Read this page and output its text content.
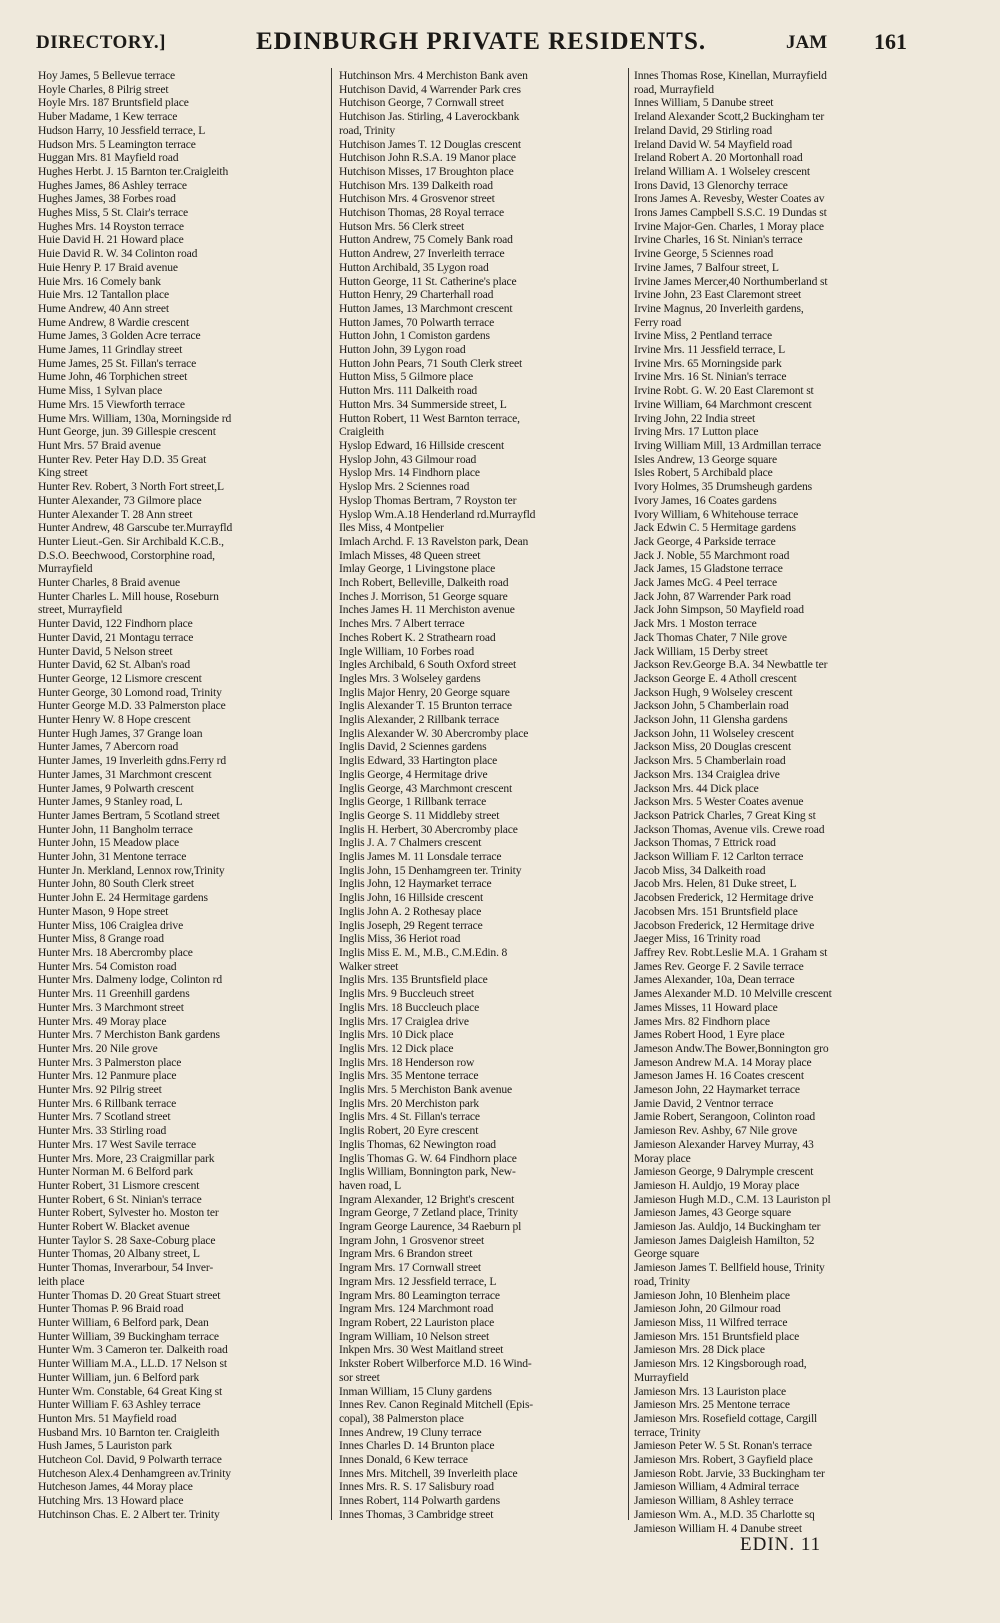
DIRECTORY.]	EDINBURGH PRIVATE RESIDENTS.	JAM 161
Hoy James, 5 Bellevue terrace
Hoyle Charles, 8 Pilrig street
Hoyle Mrs. 187 Bruntsfield place
Huber Madame, 1 Kew terrace
Hudson Harry, 10 Jessfield terrace, L
Hudson Mrs. 5 Leamington terrace
Huggan Mrs. 81 Mayfield road
Hughes Herbt. J. 15 Barnton ter.Craigleith
Hughes James, 86 Ashley terrace
Hughes James, 38 Forbes road
Hughes Miss, 5 St. Clair's terrace
Hughes Mrs. 14 Royston terrace
Huie David H. 21 Howard place
Huie David R. W. 34 Colinton road
Huie Henry P. 17 Braid avenue
Huie Mrs. 16 Comely bank
Huie Mrs. 12 Tantallon place
Hume Andrew, 40 Ann street
Hume Andrew, 8 Wardie crescent
Hume James, 3 Golden Acre terrace
Hume James, 11 Grindlay street
Hume James, 25 St. Fillan's terrace
Hume John, 46 Torphichen street
Hume Miss, 1 Sylvan place
Hume Mrs. 15 Viewforth terrace
Hume Mrs. William, 130a, Morningside rd
Hunt George, jun. 39 Gillespie crescent
Hunt Mrs. 57 Braid avenue
Hunter Rev. Peter Hay D.D. 35 Great
King street
Hunter Rev. Robert, 3 North Fort street,L
Hunter Alexander, 73 Gilmore place
Hunter Alexander T. 28 Ann street
Hunter Andrew, 48 Garscube ter.Murrayfld
Hunter Lieut.-Gen. Sir Archibald K.C.B.,
D.S.O. Beechwood, Corstorphine road,
Murrayfield
Hunter Charles, 8 Braid avenue
Hunter Charles L. Mill house, Roseburn
street, Murrayfield
Hunter David, 122 Findhorn place
Hunter David, 21 Montagu terrace
Hunter David, 5 Nelson street
Hunter David, 62 St. Alban's road
Hunter George, 12 Lismore crescent
Hunter George, 30 Lomond road, Trinity
Hunter George M.D. 33 Palmerston place
Hunter Henry W. 8 Hope crescent
Hunter Hugh James, 37 Grange loan
Hunter James, 7 Abercorn road
Hunter James, 19 Inverleith gdns.Ferry rd
Hunter James, 31 Marchmont crescent
Hunter James, 9 Polwarth crescent
Hunter James, 9 Stanley road, L
Hunter James Bertram, 5 Scotland street
Hunter John, 11 Bangholm terrace
Hunter John, 15 Meadow place
Hunter John, 31 Mentone terrace
Hunter Jn. Merkland, Lennox row,Trinity
Hunter John, 80 South Clerk street
Hunter John E. 24 Hermitage gardens
Hunter Mason, 9 Hope street
Hunter Miss, 106 Craiglea drive
Hunter Miss, 8 Grange road
Hunter Mrs. 18 Abercromby place
Hunter Mrs. 54 Comiston road
Hunter Mrs. Dalmeny lodge, Colinton rd
Hunter Mrs. 11 Greenhill gardens
Hunter Mrs. 3 Marchmont street
Hunter Mrs. 49 Moray place
Hunter Mrs. 7 Merchiston Bank gardens
Hunter Mrs. 20 Nile grove
Hunter Mrs. 3 Palmerston place
Hunter Mrs. 12 Panmure place
Hunter Mrs. 92 Pilrig street
Hunter Mrs. 6 Rillbank terrace
Hunter Mrs. 7 Scotland street
Hunter Mrs. 33 Stirling road
Hunter Mrs. 17 West Savile terrace
Hunter Mrs. More, 23 Craigmillar park
Hunter Norman M. 6 Belford park
Hunter Robert, 31 Lismore crescent
Hunter Robert, 6 St. Ninian's terrace
Hunter Robert, Sylvester ho. Moston ter
Hunter Robert W. Blacket avenue
Hunter Taylor S. 28 Saxe-Coburg place
Hunter Thomas, 20 Albany street, L
Hunter Thomas, Inverarbour, 54 Inver-
leith place
Hunter Thomas D. 20 Great Stuart street
Hunter Thomas P. 96 Braid road
Hunter William, 6 Belford park, Dean
Hunter William, 39 Buckingham terrace
Hunter Wm. 3 Cameron ter. Dalkeith road
Hunter William M.A., LL.D. 17 Nelson st
Hunter William, jun. 6 Belford park
Hunter Wm. Constable, 64 Great King st
Hunter William F. 63 Ashley terrace
Hunton Mrs. 51 Mayfield road
Husband Mrs. 10 Barnton ter. Craigleith
Hush James, 5 Lauriston park
Hutcheon Col. David, 9 Polwarth terrace
Hutcheson Alex.4 Denhamgreen av.Trinity
Hutcheson James, 44 Moray place
Hutching Mrs. 13 Howard place
Hutchinson Chas. E. 2 Albert ter. Trinity
Hutchinson Mrs. 4 Merchiston Bank aven
Hutchison David, 4 Warrender Park cres
Hutchison George, 7 Cornwall street
Hutchison Jas. Stirling, 4 Laverockbank
road, Trinity
Hutchison James T. 12 Douglas crescent
Hutchison John R.S.A. 19 Manor place
Hutchison Misses, 17 Broughton place
Hutchison Mrs. 139 Dalkeith road
Hutchison Mrs. 4 Grosvenor street
Hutchison Thomas, 28 Royal terrace
Hutson Mrs. 56 Clerk street
Hutton Andrew, 75 Comely Bank road
Hutton Andrew, 27 Inverleith terrace
Hutton Archibald, 35 Lygon road
Hutton George, 11 St. Catherine's place
Hutton Henry, 29 Charterhall road
Hutton James, 13 Marchmont crescent
Hutton James, 70 Polwarth terrace
Hutton John, 1 Comiston gardens
Hutton John, 39 Lygon road
Hutton John Pears, 71 South Clerk street
Hutton Miss, 5 Gilmore place
Hutton Mrs. 111 Dalkeith road
Hutton Mrs. 34 Summerside street, L
Hutton Robert, 11 West Barnton terrace,
Craigleith
Hyslop Edward, 16 Hillside crescent
Hyslop John, 43 Gilmour road
Hyslop Mrs. 14 Findhorn place
Hyslop Mrs. 2 Sciennes road
Hyslop Thomas Bertram, 7 Royston ter
Hyslop Wm.A.18 Henderland rd.Murrayfld
Iles Miss, 4 Montpelier
Imlach Archd. F. 13 Ravelston park, Dean
Imlach Misses, 48 Queen street
Imlay George, 1 Livingstone place
Inch Robert, Belleville, Dalkeith road
Inches J. Morrison, 51 George square
Inches James H. 11 Merchiston avenue
Inches Mrs. 7 Albert terrace
Inches Robert K. 2 Strathearn road
Ingle William, 10 Forbes road
Ingles Archibald, 6 South Oxford street
Ingles Mrs. 3 Wolseley gardens
Inglis Major Henry, 20 George square
Inglis Alexander T. 15 Brunton terrace
Inglis Alexander, 2 Rillbank terrace
Inglis Alexander W. 30 Abercromby place
Inglis David, 2 Sciennes gardens
Inglis Edward, 33 Hartington place
Inglis George, 4 Hermitage drive
Inglis George, 43 Marchmont crescent
Inglis George, 1 Rillbank terrace
Inglis George S. 11 Middleby street
Inglis H. Herbert, 30 Abercromby place
Inglis J. A. 7 Chalmers crescent
Inglis James M. 11 Lonsdale terrace
Inglis John, 15 Denhamgreen ter. Trinity
Inglis John, 12 Haymarket terrace
Inglis John, 16 Hillside crescent
Inglis John A. 2 Rothesay place
Inglis Joseph, 29 Regent terrace
Inglis Miss, 36 Heriot road
Inglis Miss E. M., M.B., C.M.Edin. 8
Walker street
Inglis Mrs. 135 Bruntsfield place
Inglis Mrs. 9 Buccleuch street
Inglis Mrs. 18 Buccleuch place
Inglis Mrs. 17 Craiglea drive
Inglis Mrs. 10 Dick place
Inglis Mrs. 12 Dick place
Inglis Mrs. 18 Henderson row
Inglis Mrs. 35 Mentone terrace
Inglis Mrs. 5 Merchiston Bank avenue
Inglis Mrs. 20 Merchiston park
Inglis Mrs. 4 St. Fillan's terrace
Inglis Robert, 20 Eyre crescent
Inglis Thomas, 62 Newington road
Inglis Thomas G. W. 64 Findhorn place
Inglis William, Bonnington park, New-
haven road, L
Ingram Alexander, 12 Bright's crescent
Ingram George, 7 Zetland place, Trinity
Ingram George Laurence, 34 Raeburn pl
Ingram John, 1 Grosvenor street
Ingram Mrs. 6 Brandon street
Ingram Mrs. 17 Cornwall street
Ingram Mrs. 12 Jessfield terrace, L
Ingram Mrs. 80 Leamington terrace
Ingram Mrs. 124 Marchmont road
Ingram Robert, 22 Lauriston place
Ingram William, 10 Nelson street
Inkpen Mrs. 30 West Maitland street
Inkster Robert Wilberforce M.D. 16 Wind-
sor street
Inman William, 15 Cluny gardens
Innes Rev. Canon Reginald Mitchell (Epis-
copal), 38 Palmerston place
Innes Andrew, 19 Cluny terrace
Innes Charles D. 14 Brunton place
Innes Donald, 6 Kew terrace
Innes Mrs. Mitchell, 39 Inverleith place
Innes Mrs. R. S. 17 Salisbury road
Innes Robert, 114 Polwarth gardens
Innes Thomas, 3 Cambridge street
Innes Thomas Rose, Kinellan, Murrayfield
road, Murrayfield
Innes William, 5 Danube street
Ireland Alexander Scott,2 Buckingham ter
Ireland David, 29 Stirling road
Ireland David W. 54 Mayfield road
Ireland Robert A. 20 Mortonhall road
Ireland William A. 1 Wolseley crescent
Irons David, 13 Glenorchy terrace
Irons James A. Revesby, Wester Coates av
Irons James Campbell S.S.C. 19 Dundas st
Irvine Major-Gen. Charles, 1 Moray place
Irvine Charles, 16 St. Ninian's terrace
Irvine George, 5 Sciennes road
Irvine James, 7 Balfour street, L
Irvine James Mercer,40 Northumberland st
Irvine John, 23 East Claremont street
Irvine Magnus, 20 Inverleith gardens,
Ferry road
Irvine Miss, 2 Pentland terrace
Irvine Mrs. 11 Jessfield terrace, L
Irvine Mrs. 65 Morningside park
Irvine Mrs. 16 St. Ninian's terrace
Irvine Robt. G. W. 20 East Claremont st
Irvine William, 64 Marchmont crescent
Irving John, 22 India street
Irving Mrs. 17 Lutton place
Irving William Mill, 13 Ardmillan terrace
Isles Andrew, 13 George square
Isles Robert, 5 Archibald place
Ivory Holmes, 35 Drumsheugh gardens
Ivory James, 16 Coates gardens
Ivory William, 6 Whitehouse terrace
Jack Edwin C. 5 Hermitage gardens
Jack George, 4 Parkside terrace
Jack J. Noble, 55 Marchmont road
Jack James, 15 Gladstone terrace
Jack James McG. 4 Peel terrace
Jack John, 87 Warrender Park road
Jack John Simpson, 50 Mayfield road
Jack Mrs. 1 Moston terrace
Jack Thomas Chater, 7 Nile grove
Jack William, 15 Derby street
Jackson Rev.George B.A. 34 Newbattle ter
Jackson George E. 4 Atholl crescent
Jackson Hugh, 9 Wolseley crescent
Jackson John, 5 Chamberlain road
Jackson John, 11 Glensha gardens
Jackson John, 11 Wolseley crescent
Jackson Miss, 20 Douglas crescent
Jackson Mrs. 5 Chamberlain road
Jackson Mrs. 134 Craiglea drive
Jackson Mrs. 44 Dick place
Jackson Mrs. 5 Wester Coates avenue
Jackson Patrick Charles, 7 Great King st
Jackson Thomas, Avenue vils. Crewe road
Jackson Thomas, 7 Ettrick road
Jackson William F. 12 Carlton terrace
Jacob Miss, 34 Dalkeith road
Jacob Mrs. Helen, 81 Duke street, L
Jacobsen Frederick, 12 Hermitage drive
Jacobsen Mrs. 151 Bruntsfield place
Jacobson Frederick, 12 Hermitage drive
Jaeger Miss, 16 Trinity road
Jaffrey Rev. Robt.Leslie M.A. 1 Graham st
James Rev. George F. 2 Savile terrace
James Alexander, 10a, Dean terrace
James Alexander M.D. 10 Melville crescent
James Misses, 11 Howard place
James Mrs. 82 Findhorn place
James Robert Hood, 1 Eyre place
Jameson Andw.The Bower,Bonnington gro
Jameson Andrew M.A. 14 Moray place
Jameson James H. 16 Coates crescent
Jameson John, 22 Haymarket terrace
Jamie David, 2 Ventnor terrace
Jamie Robert, Serangoon, Colinton road
Jamieson Rev. Ashby, 67 Nile grove
Jamieson Alexander Harvey Murray, 43
Moray place
Jamieson George, 9 Dalrymple crescent
Jamieson H. Auldjo, 19 Moray place
Jamieson Hugh M.D., C.M. 13 Lauriston pl
Jamieson James, 43 George square
Jamieson Jas. Auldjo, 14 Buckingham ter
Jamieson James Daigleish Hamilton, 52
George square
Jamieson James T. Bellfield house, Trinity
road, Trinity
Jamieson John, 10 Blenheim place
Jamieson John, 20 Gilmour road
Jamieson Miss, 11 Wilfred terrace
Jamieson Mrs. 151 Bruntsfield place
Jamieson Mrs. 28 Dick place
Jamieson Mrs. 12 Kingsborough road,
Murrayfield
Jamieson Mrs. 13 Lauriston place
Jamieson Mrs. 25 Mentone terrace
Jamieson Mrs. Rosefield cottage, Cargill
terrace, Trinity
Jamieson Peter W. 5 St. Ronan's terrace
Jamieson Mrs. Robert, 3 Gayfield place
Jamieson Robt. Jarvie, 33 Buckingham ter
Jamieson William, 4 Admiral terrace
Jamieson William, 8 Ashley terrace
Jamieson Wm. A., M.D. 35 Charlotte sq
Jamieson William H. 4 Danube street
EDIN. 11
